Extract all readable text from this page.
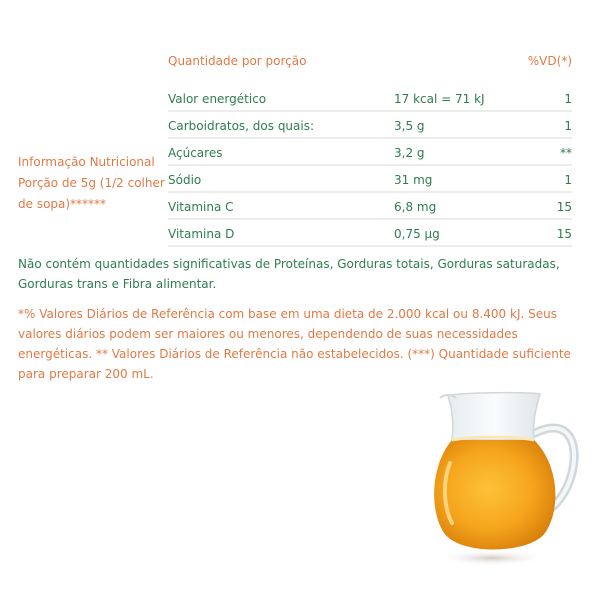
Informação Nutricional
Porção de 5g (1/2 colher
de sopa)******
Quantidade por porção	%VD(*)
Valor energético	17 kcal = 71 kJ	1
Carboidratos, dos quais:	3,5 g	1
Açúcares	3,2 g	**
Sódio	31 mg	1
Vitamina C	6,8 mg	15
Vitamina D	0,75 µg	15
Não contém quantidades significativas de Proteínas, Gorduras totais, Gorduras saturadas, Gorduras trans e Fibra alimentar.
*% Valores Diários de Referência com base em uma dieta de 2.000 kcal ou 8.400 kJ. Seus valores diários podem ser maiores ou menores, dependendo de suas necessidades energéticas. ** Valores Diários de Referência não estabelecidos. (***) Quantidade suficiente para preparar 200 mL.
